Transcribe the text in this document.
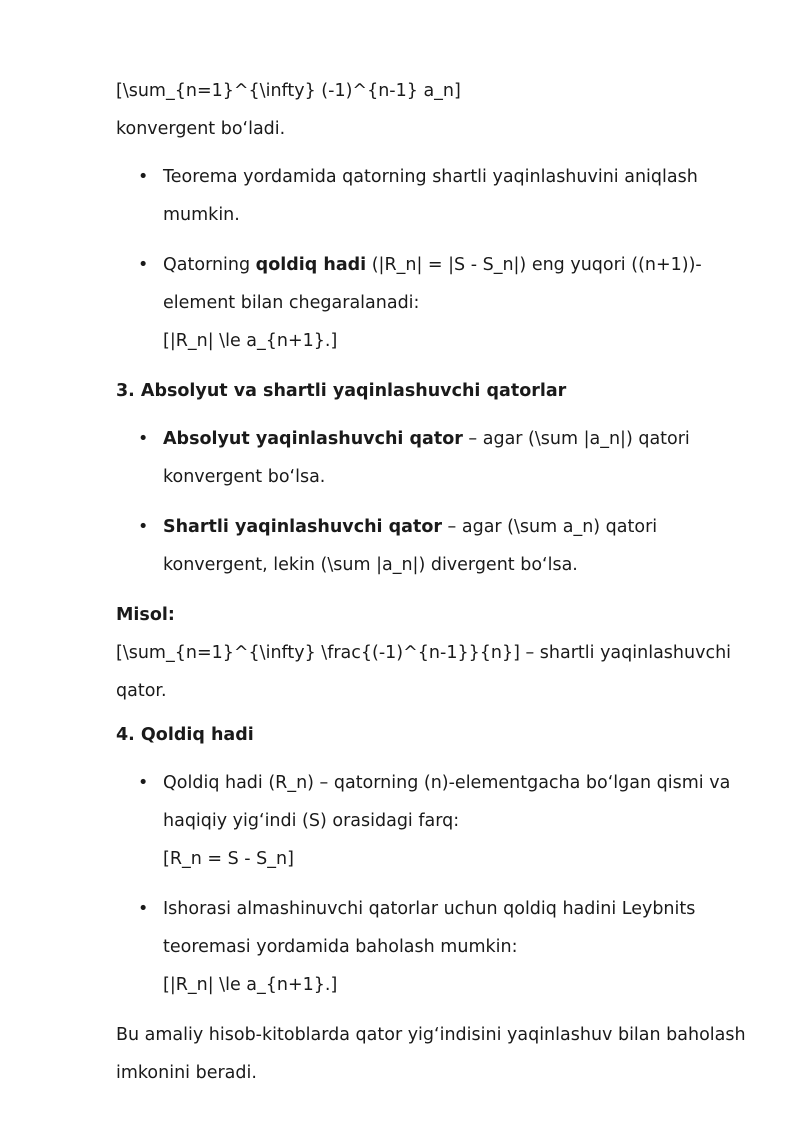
[\sum_{n=1}^{\infty} (-1)^{n-1} a_n]

konvergent bo‘ladi.

• Teorema yordamida qatorning shartli yaqinlashuvini aniqlash mumkin.
• Qatorning qoldiq hadi (|R_n| = |S - S_n|) eng yuqori ((n+1))-element bilan chegaralanadi:
[|R_n| \le a_{n+1}.]

3. Absolyut va shartli yaqinlashuvchi qatorlar

• Absolyut yaqinlashuvchi qator – agar (\sum |a_n|) qatori konvergent bo‘lsa.
• Shartli yaqinlashuvchi qator – agar (\sum a_n) qatori konvergent, lekin (\sum |a_n|) divergent bo‘lsa.

Misol:

[\sum_{n=1}^{\infty} \frac{(-1)^{n-1}}{n}] – shartli yaqinlashuvchi qator.

4. Qoldiq hadi

• Qoldiq hadi (R_n) – qatorning (n)-elementgacha bo‘lgan qismi va haqiqiy yig‘indi (S) orasidagi farq:
[R_n = S - S_n]
• Ishorasi almashinuvchi qatorlar uchun qoldiq hadini Leybnits teoremasi yordamida baholash mumkin:
[|R_n| \le a_{n+1}.]

Bu amaliy hisob-kitoblarda qator yig‘indisini yaqinlashuv bilan baholash imkonini beradi.
